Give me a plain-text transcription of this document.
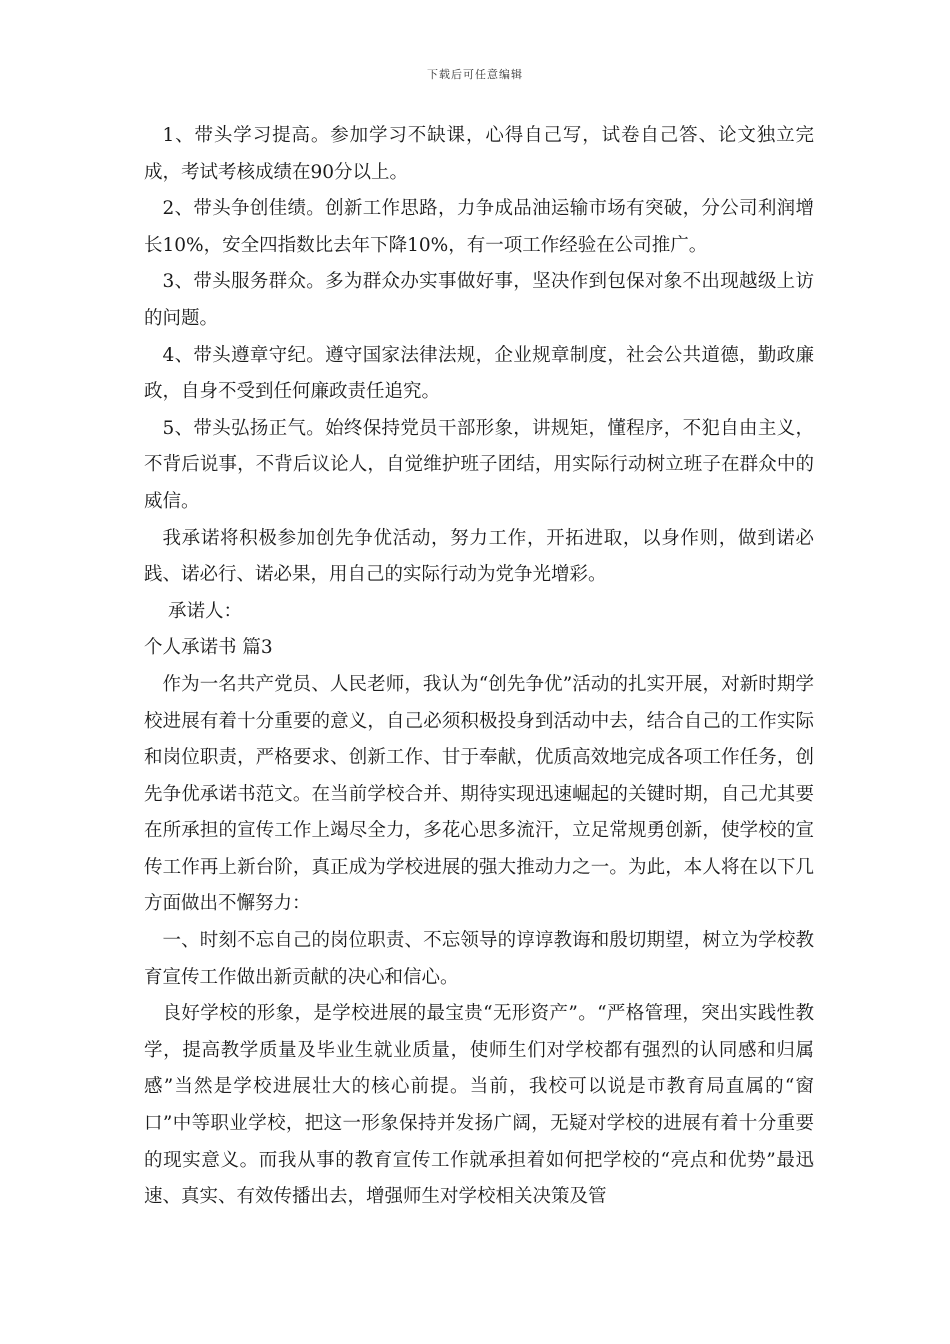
下载后可任意编辑

1、带头学习提高。参加学习不缺课，心得自己写，试卷自己答、论文独立完成，考试考核成绩在90分以上。

2、带头争创佳绩。创新工作思路，力争成品油运输市场有突破，分公司利润增长10%，安全四指数比去年下降10%，有一项工作经验在公司推广。

3、带头服务群众。多为群众办实事做好事，坚决作到包保对象不出现越级上访的问题。

4、带头遵章守纪。遵守国家法律法规，企业规章制度，社会公共道德，勤政廉政，自身不受到任何廉政责任追究。

5、带头弘扬正气。始终保持党员干部形象，讲规矩，懂程序，不犯自由主义，不背后说事，不背后议论人，自觉维护班子团结，用实际行动树立班子在群众中的威信。

我承诺将积极参加创先争优活动，努力工作，开拓进取，以身作则，做到诺必践、诺必行、诺必果，用自己的实际行动为党争光增彩。

承诺人：

个人承诺书 篇3

作为一名共产党员、人民老师，我认为“创先争优”活动的扎实开展，对新时期学校进展有着十分重要的意义，自己必须积极投身到活动中去，结合自己的工作实际和岗位职责，严格要求、创新工作、甘于奉献，优质高效地完成各项工作任务，创先争优承诺书范文。在当前学校合并、期待实现迅速崛起的关键时期，自己尤其要在所承担的宣传工作上竭尽全力，多花心思多流汗，立足常规勇创新，使学校的宣传工作再上新台阶，真正成为学校进展的强大推动力之一。为此，本人将在以下几方面做出不懈努力：

一、时刻不忘自己的岗位职责、不忘领导的谆谆教诲和殷切期望，树立为学校教育宣传工作做出新贡献的决心和信心。

良好学校的形象，是学校进展的最宝贵“无形资产”。“严格管理，突出实践性教学，提高教学质量及毕业生就业质量，使师生们对学校都有强烈的认同感和归属感”当然是学校进展壮大的核心前提。当前，我校可以说是市教育局直属的“窗口”中等职业学校，把这一形象保持并发扬广阔，无疑对学校的进展有着十分重要的现实意义。而我从事的教育宣传工作就承担着如何把学校的“亮点和优势”最迅速、真实、有效传播出去，增强师生对学校相关决策及管
